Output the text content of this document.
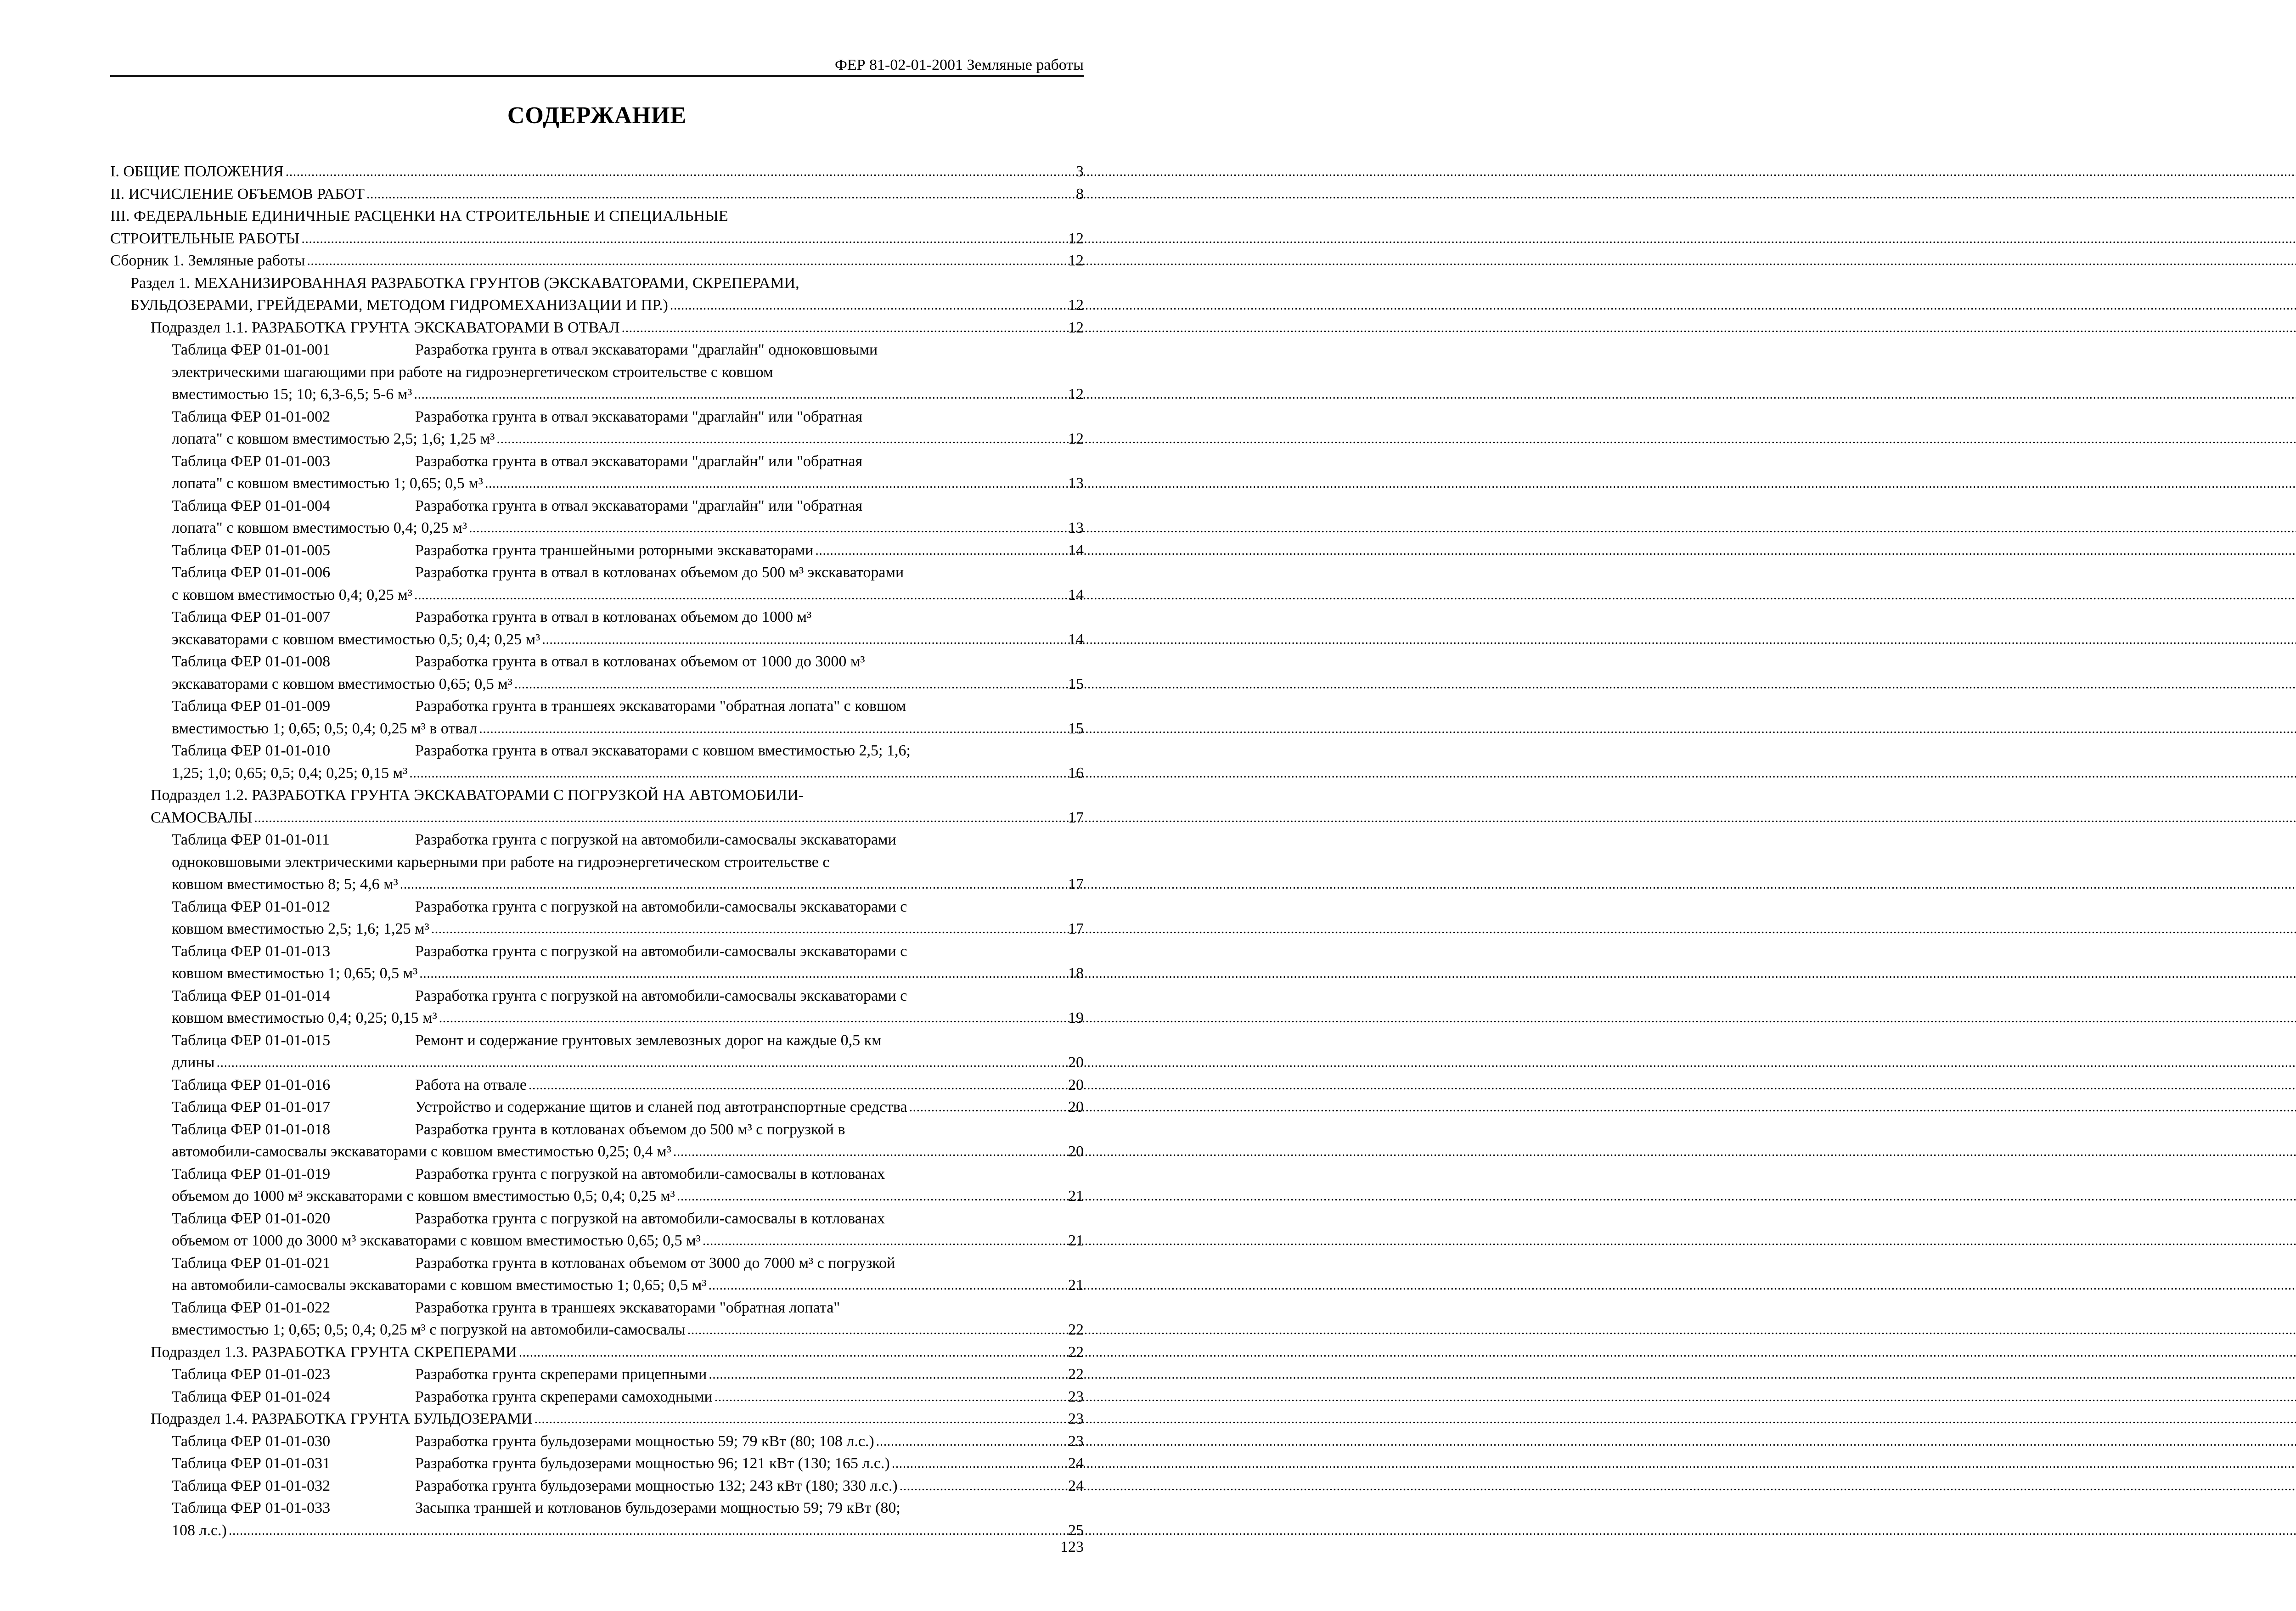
ФЕР 81-02-01-2001 Земляные работы
СОДЕРЖАНИЕ
I. ОБЩИЕ ПОЛОЖЕНИЯ .....	3
II. ИСЧИСЛЕНИЕ ОБЪЕМОВ РАБОТ .....	8
III. ФЕДЕРАЛЬНЫЕ ЕДИНИЧНЫЕ РАСЦЕНКИ НА СТРОИТЕЛЬНЫЕ И СПЕЦИАЛЬНЫЕ
СТРОИТЕЛЬНЫЕ РАБОТЫ .....	12
Сборник 1. Земляные работы .....	12
Раздел 1. МЕХАНИЗИРОВАННАЯ РАЗРАБОТКА ГРУНТОВ (ЭКСКАВАТОРАМИ, СКРЕПЕРАМИ,
БУЛЬДОЗЕРАМИ, ГРЕЙДЕРАМИ, МЕТОДОМ ГИДРОМЕХАНИЗАЦИИ И ПР.) .....	12
Подраздел 1.1. РАЗРАБОТКА ГРУНТА ЭКСКАВАТОРАМИ В ОТВАЛ .....	12
Таблица ФЕР 01-01-001	Разработка грунта в отвал экскаваторами "драглайн" одноковшовыми
электрическими шагающими при работе на гидроэнергетическом строительстве с ковшом
вместимостью 15; 10; 6,3-6,5; 5-6 м³ .....	12
Таблица ФЕР 01-01-002	Разработка грунта в отвал экскаваторами "драглайн" или "обратная
лопата" с ковшом вместимостью 2,5; 1,6; 1,25 м³ .....	12
Таблица ФЕР 01-01-003	Разработка грунта в отвал экскаваторами "драглайн" или "обратная
лопата" с ковшом вместимостью 1; 0,65; 0,5 м³ .....	13
Таблица ФЕР 01-01-004	Разработка грунта в отвал экскаваторами "драглайн" или "обратная
лопата" с ковшом вместимостью 0,4; 0,25 м³ .....	13
Таблица ФЕР 01-01-005	Разработка грунта траншейными роторными экскаваторами .....	14
Таблица ФЕР 01-01-006	Разработка грунта в отвал в котлованах объемом до 500 м³ экскаваторами
с ковшом вместимостью 0,4; 0,25 м³ .....	14
Таблица ФЕР 01-01-007	Разработка грунта в отвал в котлованах объемом до 1000 м³
экскаваторами с ковшом вместимостью 0,5; 0,4; 0,25 м³ .....	14
Таблица ФЕР 01-01-008	Разработка грунта в отвал в котлованах объемом от 1000 до 3000 м³
экскаваторами с ковшом вместимостью 0,65; 0,5 м³ .....	15
Таблица ФЕР 01-01-009	Разработка грунта в траншеях экскаваторами "обратная лопата" с ковшом
вместимостью 1; 0,65; 0,5; 0,4; 0,25 м³ в отвал .....	15
Таблица ФЕР 01-01-010	Разработка грунта в отвал экскаваторами с ковшом вместимостью 2,5; 1,6;
1,25; 1,0; 0,65; 0,5; 0,4; 0,25; 0,15 м³ .....	16
Подраздел 1.2. РАЗРАБОТКА ГРУНТА ЭКСКАВАТОРАМИ С ПОГРУЗКОЙ НА АВТОМОБИЛИ-
САМОСВАЛЫ .....	17
Таблица ФЕР 01-01-011	Разработка грунта с погрузкой на автомобили-самосвалы экскаваторами
одноковшовыми электрическими карьерными при работе на гидроэнергетическом строительстве с
ковшом вместимостью 8; 5; 4,6 м³ .....	17
Таблица ФЕР 01-01-012	Разработка грунта с погрузкой на автомобили-самосвалы экскаваторами с
ковшом вместимостью 2,5; 1,6; 1,25 м³ .....	17
Таблица ФЕР 01-01-013	Разработка грунта с погрузкой на автомобили-самосвалы экскаваторами с
ковшом вместимостью 1; 0,65; 0,5 м³ .....	18
Таблица ФЕР 01-01-014	Разработка грунта с погрузкой на автомобили-самосвалы экскаваторами с
ковшом вместимостью 0,4; 0,25; 0,15 м³ .....	19
Таблица ФЕР 01-01-015	Ремонт и содержание грунтовых землевозных дорог на каждые 0,5 км
длины .....	20
Таблица ФЕР 01-01-016	Работа на отвале .....	20
Таблица ФЕР 01-01-017	Устройство и содержание щитов и сланей под автотранспортные средства .....	20
Таблица ФЕР 01-01-018	Разработка грунта в котлованах объемом до 500 м³ с погрузкой в
автомобили-самосвалы экскаваторами с ковшом вместимостью 0,25; 0,4 м³ .....	20
Таблица ФЕР 01-01-019	Разработка грунта с погрузкой на автомобили-самосвалы в котлованах
объемом до 1000 м³ экскаваторами с ковшом вместимостью 0,5; 0,4; 0,25 м³ .....	21
Таблица ФЕР 01-01-020	Разработка грунта с погрузкой на автомобили-самосвалы в котлованах
объемом от 1000 до 3000 м³ экскаваторами с ковшом вместимостью 0,65; 0,5 м³ .....	21
Таблица ФЕР 01-01-021	Разработка грунта в котлованах объемом от 3000 до 7000 м³ с погрузкой
на автомобили-самосвалы экскаваторами с ковшом вместимостью 1; 0,65; 0,5 м³ .....	21
Таблица ФЕР 01-01-022	Разработка грунта в траншеях экскаваторами "обратная лопата"
вместимостью 1; 0,65; 0,5; 0,4; 0,25 м³ с погрузкой на автомобили-самосвалы .....	22
Подраздел 1.3. РАЗРАБОТКА ГРУНТА СКРЕПЕРАМИ .....	22
Таблица ФЕР 01-01-023	Разработка грунта скреперами прицепными .....	22
Таблица ФЕР 01-01-024	Разработка грунта скреперами самоходными .....	23
Подраздел 1.4. РАЗРАБОТКА ГРУНТА БУЛЬДОЗЕРАМИ .....	23
Таблица ФЕР 01-01-030	Разработка грунта бульдозерами мощностью 59; 79 кВт (80; 108 л.с.) .....	23
Таблица ФЕР 01-01-031	Разработка грунта бульдозерами мощностью 96; 121 кВт (130; 165 л.с.) .....	24
Таблица ФЕР 01-01-032	Разработка грунта бульдозерами мощностью 132; 243 кВт (180; 330 л.с.) .....	24
Таблица ФЕР 01-01-033	Засыпка траншей и котлованов бульдозерами мощностью 59; 79 кВт (80;
108 л.с.) .....	25
123
